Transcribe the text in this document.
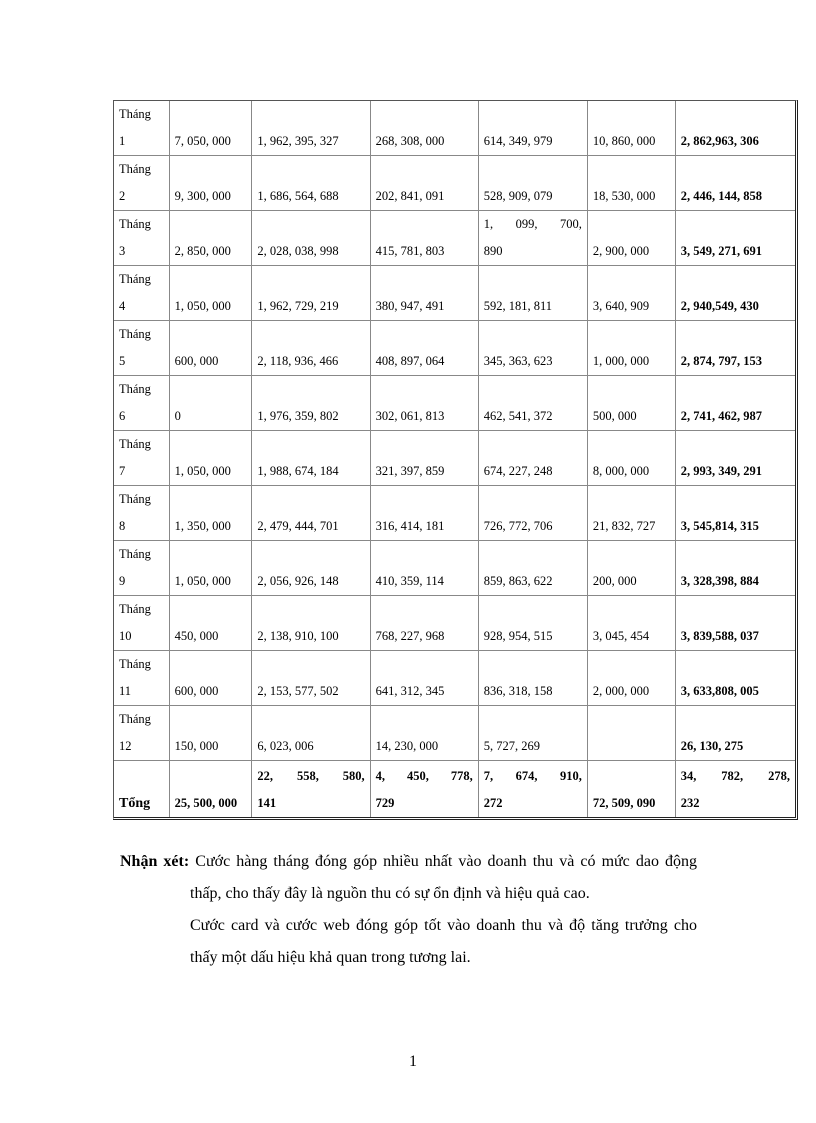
Tháng
1	7, 050, 000	1, 962, 395, 327	268, 308, 000	614, 349, 979	10, 860, 000	2, 862,963, 306

Tháng
2	9, 300, 000	1, 686, 564, 688	202, 841, 091	528, 909, 079	18, 530, 000	2, 446, 144, 858

Tháng
3	2, 850, 000	2, 028, 038, 998	415, 781, 803	1, 099, 700,
890	2, 900, 000	3, 549, 271, 691

Tháng
4	1, 050, 000	1, 962, 729, 219	380, 947, 491	592, 181, 811	3, 640, 909	2, 940,549, 430

Tháng
5	600, 000	2, 118, 936, 466	408, 897, 064	345, 363, 623	1, 000, 000	2, 874, 797, 153

Tháng
6	0	1, 976, 359, 802	302, 061, 813	462, 541, 372	500, 000	2, 741, 462, 987

Tháng
7	1, 050, 000	1, 988, 674, 184	321, 397, 859	674, 227, 248	8, 000, 000	2, 993, 349, 291

Tháng
8	1, 350, 000	2, 479, 444, 701	316, 414, 181	726, 772, 706	21, 832, 727	3, 545,814, 315

Tháng
9	1, 050, 000	2, 056, 926, 148	410, 359, 114	859, 863, 622	200, 000	3, 328,398, 884

Tháng
10	450, 000	2, 138, 910, 100	768, 227, 968	928, 954, 515	3, 045, 454	3, 839,588, 037

Tháng
11	600, 000	2, 153, 577, 502	641, 312, 345	836, 318, 158	2, 000, 000	3, 633,808, 005

Tháng
12	150, 000	6, 023, 006	14, 230, 000	5, 727, 269		26, 130, 275
Tổng	25, 500, 000	22, 558, 580,
141	4, 450, 778,
729	7, 674, 910,
272	72, 509, 090	34, 782, 278,
232

Nhận xét: Cước hàng tháng đóng góp nhiều nhất vào doanh thu và có mức dao động thấp, cho thấy đây là nguồn thu có sự ổn định và hiệu quả cao.

Cước card và cước web đóng góp tốt vào doanh thu và độ tăng trưởng cho thấy một dấu hiệu khả quan trong tương lai.

1
